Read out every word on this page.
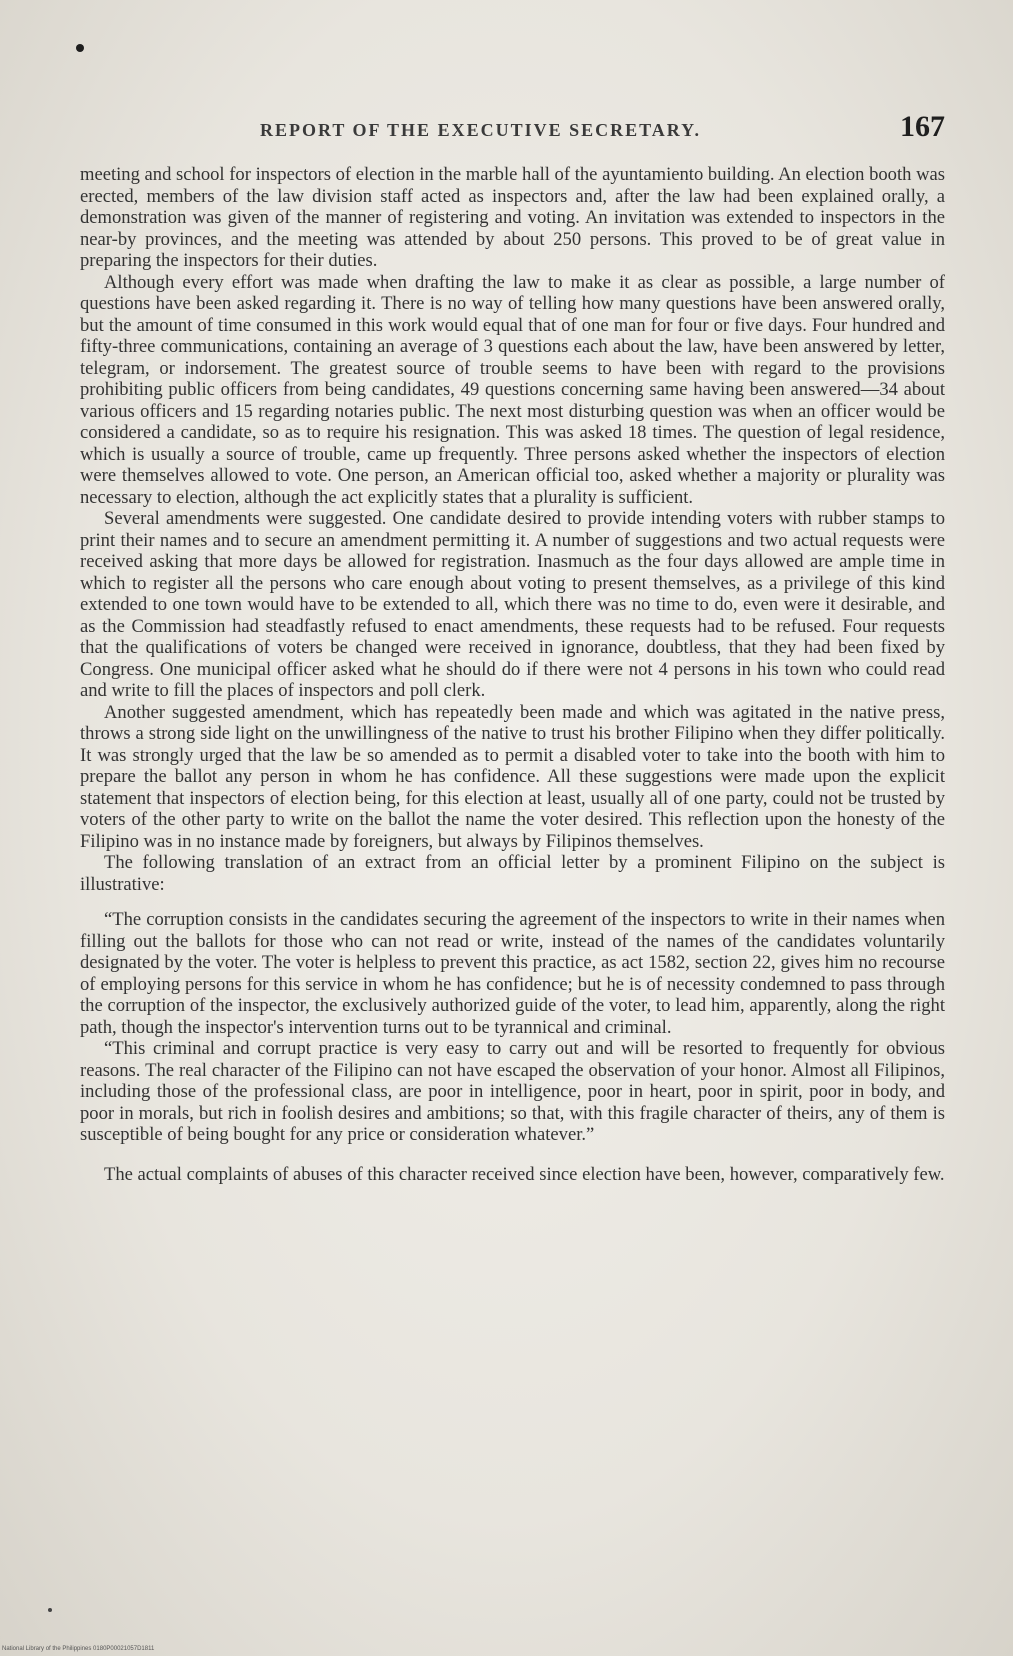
REPORT OF THE EXECUTIVE SECRETARY.	167

meeting and school for inspectors of election in the marble hall of the ayuntamiento building. An election booth was erected, members of the law division staff acted as inspectors and, after the law had been explained orally, a demonstration was given of the manner of registering and voting. An invitation was extended to inspectors in the near-by provinces, and the meeting was attended by about 250 persons. This proved to be of great value in preparing the inspectors for their duties.

Although every effort was made when drafting the law to make it as clear as possible, a large number of questions have been asked regarding it. There is no way of telling how many questions have been answered orally, but the amount of time consumed in this work would equal that of one man for four or five days. Four hundred and fifty-three communications, containing an average of 3 questions each about the law, have been answered by letter, telegram, or indorsement. The greatest source of trouble seems to have been with regard to the provisions prohibiting public officers from being candidates, 49 questions concerning same having been answered—34 about various officers and 15 regarding notaries public. The next most disturbing question was when an officer would be considered a candidate, so as to require his resignation. This was asked 18 times. The question of legal residence, which is usually a source of trouble, came up frequently. Three persons asked whether the inspectors of election were themselves allowed to vote. One person, an American official too, asked whether a majority or plurality was necessary to election, although the act explicitly states that a plurality is sufficient.

Several amendments were suggested. One candidate desired to provide intending voters with rubber stamps to print their names and to secure an amendment permitting it. A number of suggestions and two actual requests were received asking that more days be allowed for registration. Inasmuch as the four days allowed are ample time in which to register all the persons who care enough about voting to present themselves, as a privilege of this kind extended to one town would have to be extended to all, which there was no time to do, even were it desirable, and as the Commission had steadfastly refused to enact amendments, these requests had to be refused. Four requests that the qualifications of voters be changed were received in ignorance, doubtless, that they had been fixed by Congress. One municipal officer asked what he should do if there were not 4 persons in his town who could read and write to fill the places of inspectors and poll clerk.

Another suggested amendment, which has repeatedly been made and which was agitated in the native press, throws a strong side light on the unwillingness of the native to trust his brother Filipino when they differ politically. It was strongly urged that the law be so amended as to permit a disabled voter to take into the booth with him to prepare the ballot any person in whom he has confidence. All these suggestions were made upon the explicit statement that inspectors of election being, for this election at least, usually all of one party, could not be trusted by voters of the other party to write on the ballot the name the voter desired. This reflection upon the honesty of the Filipino was in no instance made by foreigners, but always by Filipinos themselves.

The following translation of an extract from an official letter by a prominent Filipino on the subject is illustrative:

“The corruption consists in the candidates securing the agreement of the inspectors to write in their names when filling out the ballots for those who can not read or write, instead of the names of the candidates voluntarily designated by the voter. The voter is helpless to prevent this practice, as act 1582, section 22, gives him no recourse of employing persons for this service in whom he has confidence; but he is of necessity condemned to pass through the corruption of the inspector, the exclusively authorized guide of the voter, to lead him, apparently, along the right path, though the inspector's intervention turns out to be tyrannical and criminal.

“This criminal and corrupt practice is very easy to carry out and will be resorted to frequently for obvious reasons. The real character of the Filipino can not have escaped the observation of your honor. Almost all Filipinos, including those of the professional class, are poor in intelligence, poor in heart, poor in spirit, poor in body, and poor in morals, but rich in foolish desires and ambitions; so that, with this fragile character of theirs, any of them is susceptible of being bought for any price or consideration whatever.”

The actual complaints of abuses of this character received since election have been, however, comparatively few.

National Library of the Philippines 0180P00021057D1811
